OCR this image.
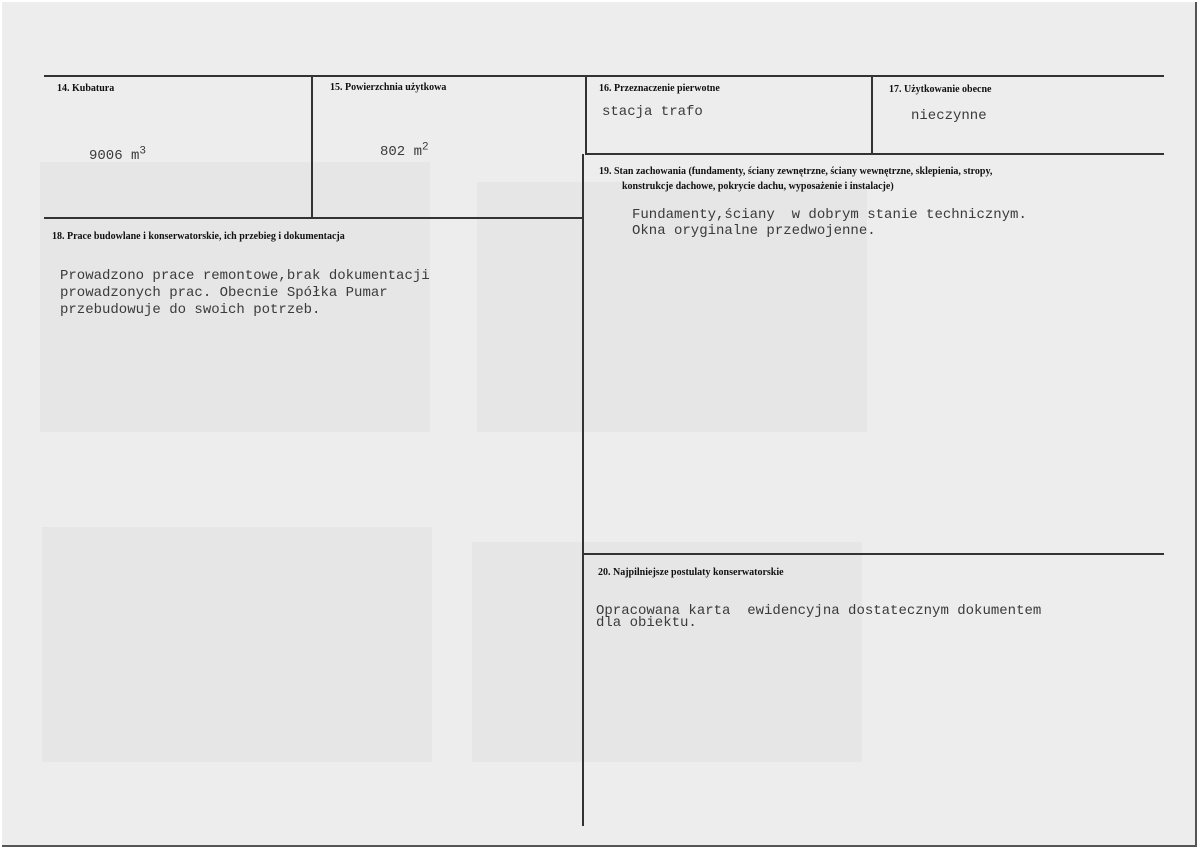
14. Kubatura
9006 $m^3$
15. Powierzchnia użytkowa
802 $m^2$
16. Przeznaczenie pierwotne
stacja trafo
17. Użytkowanie obecne
nieczynne
18. Prace budowlane i konserwatorskie, ich przebieg i dokumentacja
Prowadzono prace remontowe,brak dokumentacji
prowadzonych prac. Obecnie Spółka Pumar
przebudowuje do swoich potrzeb.
19. Stan zachowania (fundamenty, ściany zewnętrzne, ściany wewnętrzne, sklepienia, stropy,
konstrukcje dachowe, pokrycie dachu, wyposażenie i instalacje)
Fundamenty,ściany  w dobrym stanie technicznym.
Okna oryginalne przedwojenne.
20. Najpilniejsze postulaty konserwatorskie
Opracowana karta  ewidencyjna dostatecznym dokumentem
dla obiektu.
